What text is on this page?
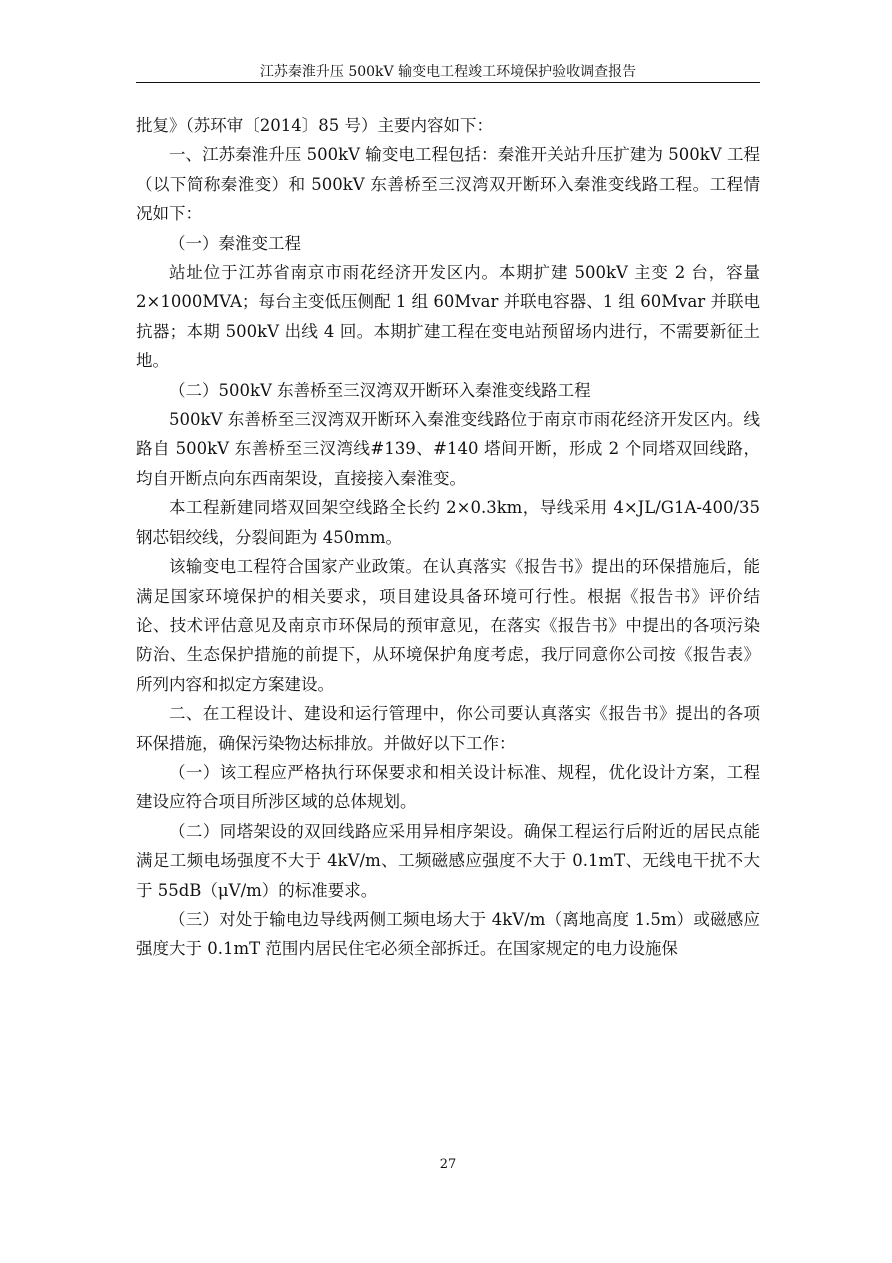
江苏秦淮升压 500kV 输变电工程竣工环境保护验收调查报告

批复》（苏环审〔2014〕85 号）主要内容如下：

一、江苏秦淮升压 500kV 输变电工程包括：秦淮开关站升压扩建为 500kV 工程（以下简称秦淮变）和 500kV 东善桥至三汊湾双开断环入秦淮变线路工程。工程情况如下：

（一）秦淮变工程

站址位于江苏省南京市雨花经济开发区内。本期扩建 500kV 主变 2 台，容量 2×1000MVA；每台主变低压侧配 1 组 60Mvar 并联电容器、1 组 60Mvar 并联电抗器；本期 500kV 出线 4 回。本期扩建工程在变电站预留场内进行，不需要新征土地。

（二）500kV 东善桥至三汊湾双开断环入秦淮变线路工程

500kV 东善桥至三汊湾双开断环入秦淮变线路位于南京市雨花经济开发区内。线路自 500kV 东善桥至三汊湾线#139、#140 塔间开断，形成 2 个同塔双回线路，均自开断点向东西南架设，直接接入秦淮变。

本工程新建同塔双回架空线路全长约 2×0.3km，导线采用 4×JL/G1A-400/35 钢芯铝绞线，分裂间距为 450mm。

该输变电工程符合国家产业政策。在认真落实《报告书》提出的环保措施后，能满足国家环境保护的相关要求，项目建设具备环境可行性。根据《报告书》评价结论、技术评估意见及南京市环保局的预审意见，在落实《报告书》中提出的各项污染防治、生态保护措施的前提下，从环境保护角度考虑，我厅同意你公司按《报告表》所列内容和拟定方案建设。

二、在工程设计、建设和运行管理中，你公司要认真落实《报告书》提出的各项环保措施，确保污染物达标排放。并做好以下工作：

（一）该工程应严格执行环保要求和相关设计标准、规程，优化设计方案，工程建设应符合项目所涉区域的总体规划。

（二）同塔架设的双回线路应采用异相序架设。确保工程运行后附近的居民点能满足工频电场强度不大于 4kV/m、工频磁感应强度不大于 0.1mT、无线电干扰不大于 55dB（μV/m）的标准要求。

（三）对处于输电边导线两侧工频电场大于 4kV/m（离地高度 1.5m）或磁感应强度大于 0.1mT 范围内居民住宅必须全部拆迁。在国家规定的电力设施保

27
